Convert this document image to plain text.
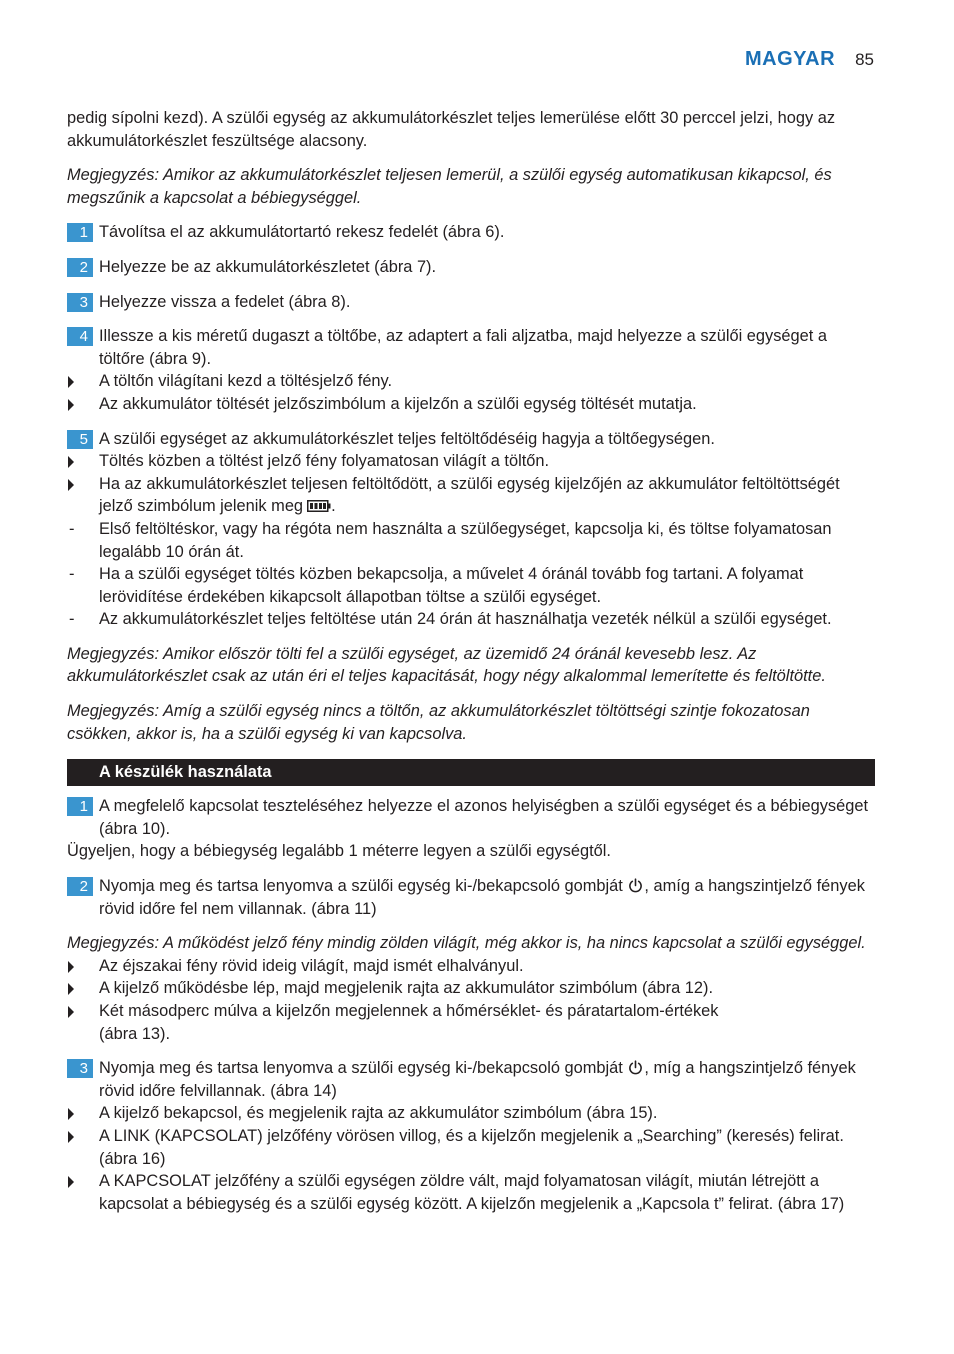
MAGYAR 85

pedig sípolni kezd). A szülői egység az akkumulátorkészlet teljes lemerülése előtt 30 perccel jelzi, hogy az akkumulátorkészlet feszültsége alacsony.

Megjegyzés: Amikor az akkumulátorkészlet teljesen lemerül, a szülői egység automatikusan kikapcsol, és megszűnik a kapcsolat a bébiegységgel.

1 Távolítsa el az akkumulátortartó rekesz fedelét (ábra 6).
2 Helyezze be az akkumulátorkészletet (ábra 7).
3 Helyezze vissza a fedelet (ábra 8).
4 Illessze a kis méretű dugaszt a töltőbe, az adaptert a fali aljzatba, majd helyezze a szülői egységet a töltőre (ábra 9).
A töltőn világítani kezd a töltésjelző fény.
Az akkumulátor töltését jelzőszimbólum a kijelzőn a szülői egység töltését mutatja.
5 A szülői egységet az akkumulátorkészlet teljes feltöltődéséig hagyja a töltőegységen.
Töltés közben a töltést jelző fény folyamatosan világít a töltőn.
Ha az akkumulátorkészlet teljesen feltöltődött, a szülői egység kijelzőjén az akkumulátor feltöltöttségét jelző szimbólum jelenik meg .
-	Első feltöltéskor, vagy ha régóta nem használta a szülőegységet, kapcsolja ki, és töltse folyamatosan legalább 10 órán át.
-	Ha a szülői egységet töltés közben bekapcsolja, a művelet 4 óránál tovább fog tartani. A folyamat lerövidítése érdekében kikapcsolt állapotban töltse a szülői egységet.
-	Az akkumulátorkészlet teljes feltöltése után 24 órán át használhatja vezeték nélkül a szülői egységet.

Megjegyzés: Amikor először tölti fel a szülői egységet, az üzemidő 24 óránál kevesebb lesz. Az akkumulátorkészlet csak az után éri el teljes kapacitását, hogy négy alkalommal lemerítette és feltöltötte.

Megjegyzés: Amíg a szülői egység nincs a töltőn, az akkumulátorkészlet töltöttségi szintje fokozatosan csökken, akkor is, ha a szülői egység ki van kapcsolva.

A készülék használata
1 A megfelelő kapcsolat teszteléséhez helyezze el azonos helyiségben a szülői egységet és a bébiegységet (ábra 10).

Ügyeljen, hogy a bébiegység legalább 1 méterre legyen a szülői egységtől.

2 Nyomja meg és tartsa lenyomva a szülői egység ki-/bekapcsoló gombját , amíg a hangszintjelző fények rövid időre fel nem villannak. (ábra 11)

Megjegyzés: A működést jelző fény mindig zölden világít, még akkor is, ha nincs kapcsolat a szülői egységgel.

Az éjszakai fény rövid ideig világít, majd ismét elhalványul.
A kijelző működésbe lép, majd megjelenik rajta az akkumulátor szimbólum (ábra 12).
Két másodperc múlva a kijelzőn megjelennek a hőmérséklet- és páratartalom-értékek (ábra 13).
3 Nyomja meg és tartsa lenyomva a szülői egység ki-/bekapcsoló gombját , míg a hangszintjelző fények rövid időre felvillannak. (ábra 14)
A kijelző bekapcsol, és megjelenik rajta az akkumulátor szimbólum (ábra 15).
A LINK (KAPCSOLAT) jelzőfény vörösen villog, és a kijelzőn megjelenik a „Searching” (keresés) felirat. (ábra 16)
A KAPCSOLAT jelzőfény a szülői egységen zöldre vált, majd folyamatosan világít, miután létrejött a kapcsolat a bébiegység és a szülői egység között. A kijelzőn megjelenik a „Kapcsola t” felirat. (ábra 17)
